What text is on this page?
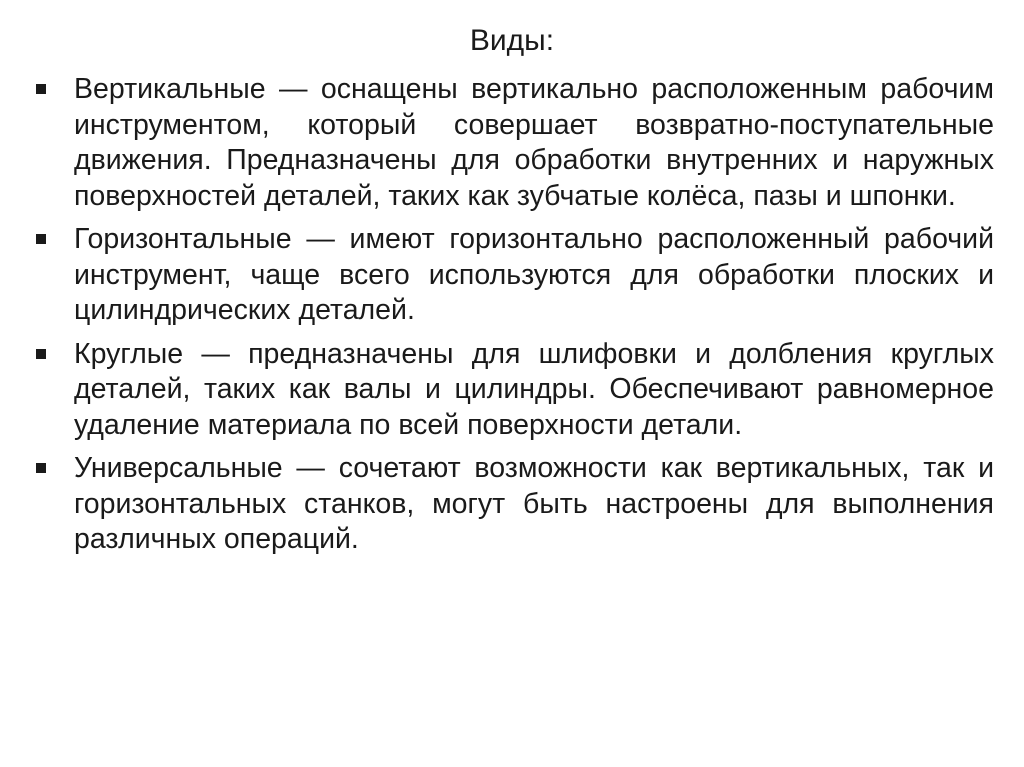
Виды:
Вертикальные — оснащены вертикально расположенным рабочим инструментом, который совершает возвратно-поступательные движения. Предназначены для обработки внутренних и наружных поверхностей деталей, таких как зубчатые колёса, пазы и шпонки.
Горизонтальные — имеют горизонтально расположенный рабочий инструмент, чаще всего используются для обработки плоских и цилиндрических деталей.
Круглые — предназначены для шлифовки и долбления круглых деталей, таких как валы и цилиндры. Обеспечивают равномерное удаление материала по всей поверхности детали.
Универсальные — сочетают возможности как вертикальных, так и горизонтальных станков, могут быть настроены для выполнения различных операций.
